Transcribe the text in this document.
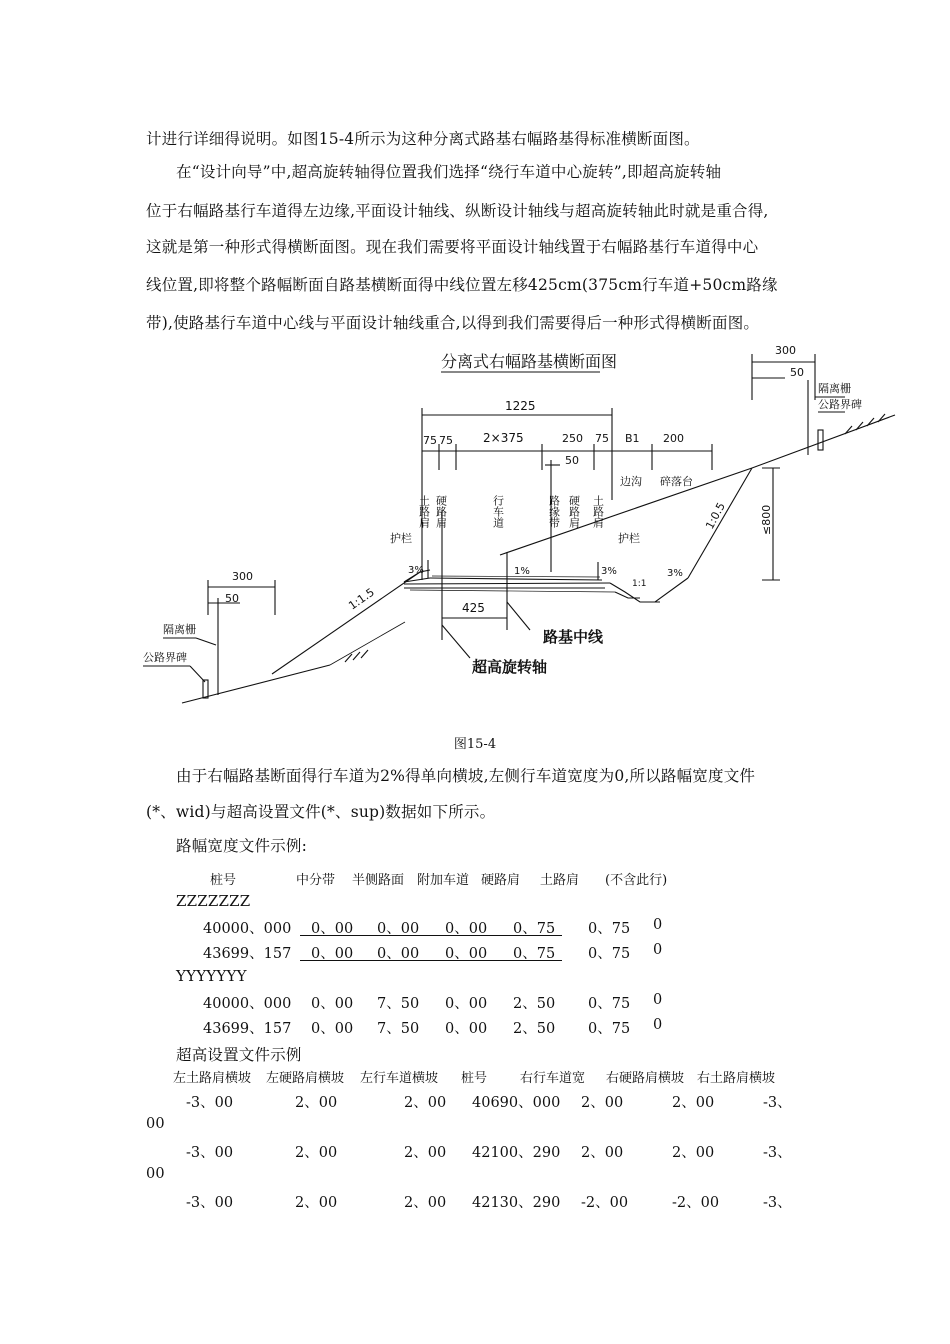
计进行详细得说明。如图15-4所示为这种分离式路基右幅路基得标准横断面图。
在“设计向导”中,超高旋转轴得位置我们选择“绕行车道中心旋转”,即超高旋转轴
位于右幅路基行车道得左边缘,平面设计轴线、纵断设计轴线与超高旋转轴此时就是重合得,
这就是第一种形式得横断面图。现在我们需要将平面设计轴线置于右幅路基行车道得中心
线位置,即将整个路幅断面自路基横断面得中线位置左移425cm(375cm行车道+50cm路缘
带),使路基行车道中心线与平面设计轴线重合,以得到我们需要得后一种形式得横断面图。
分离式右幅路基横断面图
1225
75 75	2×375	250 75 B1 200
50
300
50
300
50
425
≤800
土路肩 硬路肩	行车道	路缘带 硬路肩 土路肩
边沟 碎落台
护栏	护栏
1:1.5
1:0.5
3%	1%	3%	3%
1:1
隔离栅
公路界碑
隔离栅
公路界碑
路基中线
超高旋转轴
图15-4
由于右幅路基断面得行车道为2%得单向横坡,左侧行车道宽度为0,所以路幅宽度文件
(*、wid)与超高设置文件(*、sup)数据如下所示。
路幅宽度文件示例:
桩号	中分带 半侧路面 附加车道 硬路肩 土路肩 (不含此行)
ZZZZZZZ
40000、000 0、00 0、00 0、00 0、75 0、75 0
43699、157 0、00 0、00 0、00 0、75 0、75 0
YYYYYYY
40000、000 0、00 7、50 0、00 2、50 0、75 0
43699、157 0、00 7、50 0、00 2、50 0、75 0
超高设置文件示例
左土路肩横坡 左硬路肩横坡 左行车道横坡 桩号	右行车道宽 右硬路肩横坡 右土路肩横坡
-3、00	2、00	2、00 40690、000 2、00	2、00	-3、
00
-3、00	2、00	2、00 42100、290 2、00	2、00	-3、
00
-3、00	2、00	2、00 42130、290 -2、00	-2、00	-3、
